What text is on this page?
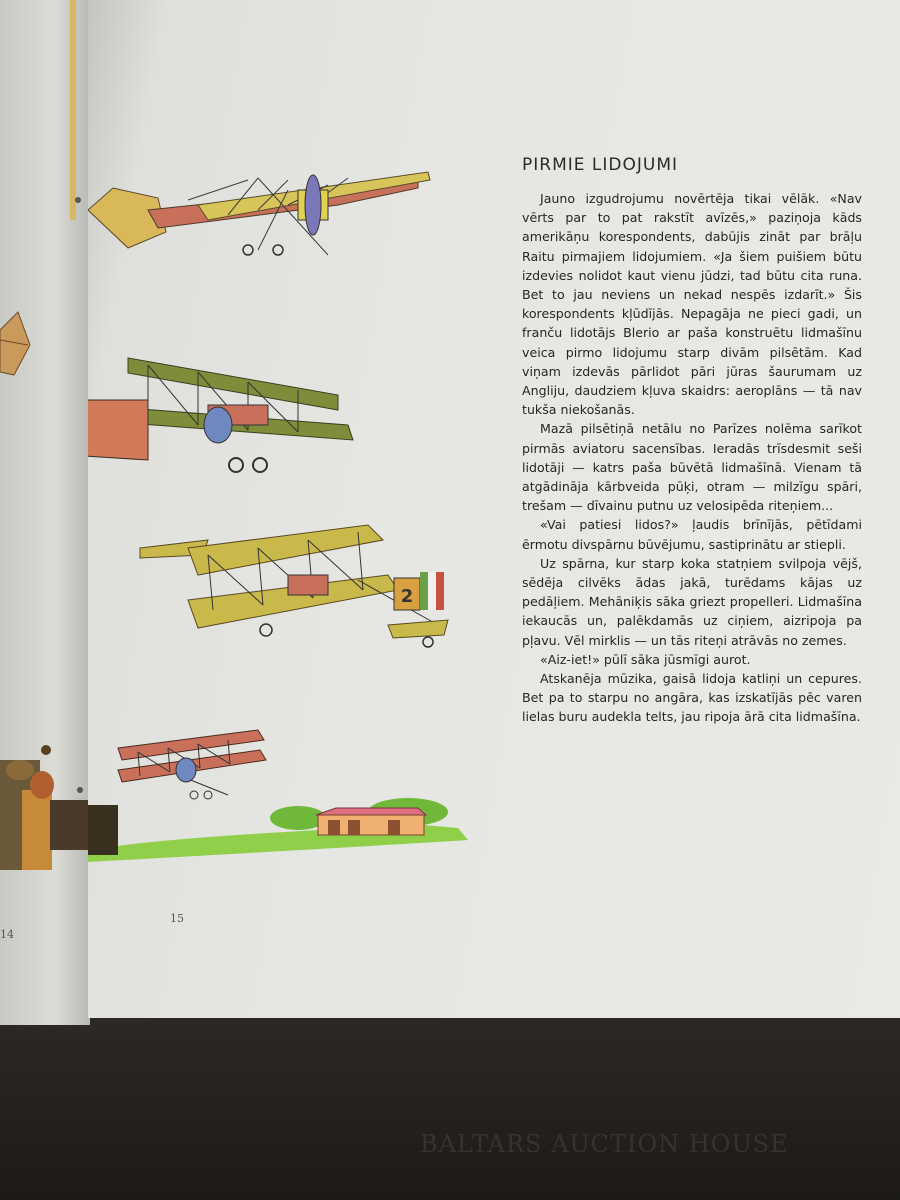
14
2
15
PIRMIE LIDOJUMI

Jauno izgudrojumu novērtēja tikai vēlāk. «Nav vērts par to pat rakstīt avīzēs,» paziņoja kāds amerikāņu korespondents, dabūjis zināt par brāļu Raitu pirmajiem lidojumiem. «Ja šiem puišiem būtu izdevies nolidot kaut vienu jūdzi, tad būtu cita runa. Bet to jau neviens un nekad nespēs izdarīt.» Šis korespondents kļūdījās. Nepagāja ne pieci gadi, un franču lidotājs Blerio ar paša konstruētu lidmašīnu veica pirmo lidojumu starp divām pilsētām. Kad viņam izdevās pārlidot pāri jūras šaurumam uz Angliju, daudziem kļuva skaidrs: aeroplāns — tā nav tukša niekošanās.

Mazā pilsētiņā netālu no Parīzes nolēma sarīkot pirmās aviatoru sacensības. Ieradās trīsdesmit seši lidotāji — katrs paša būvētā lidmašīnā. Vienam tā atgādināja kārbveida pūķi, otram — milzīgu spāri, trešam — dīvainu putnu uz velosipēda riteņiem...

«Vai patiesi lidos?» ļaudis brīnījās, pētīdami ērmotu divspārnu būvējumu, sastiprinātu ar stiepli.

Uz spārna, kur starp koka statņiem svilpoja vējš, sēdēja cilvēks ādas jakā, turēdams kājas uz pedāļiem. Mehāniķis sāka griezt propelleri. Lidmašīna iekaucās un, palēkdamās uz ciņiem, aizripoja pa pļavu. Vēl mirklis — un tās riteņi atrāvās no zemes.

«Aiz-iet!» pūlī sāka jūsmīgi aurot.

Atskanēja mūzika, gaisā lidoja katliņi un cepures. Bet pa to starpu no angāra, kas izskatījās pēc varen lielas buru audekla telts, jau ripoja ārā cita lidmašīna.

BALTARS AUCTION HOUSE
